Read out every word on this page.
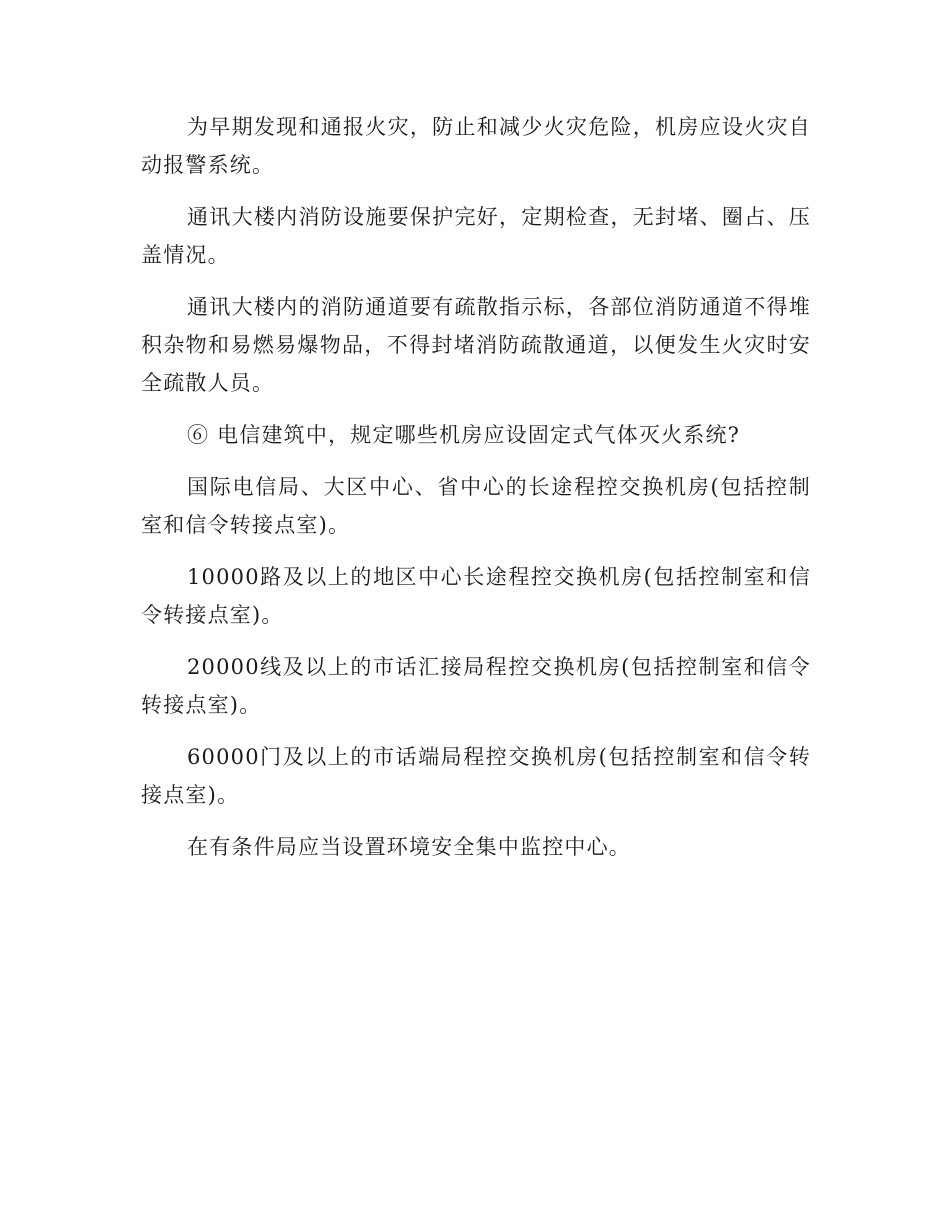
为早期发现和通报火灾，防止和减少火灾危险，机房应设火灾自动报警系统。

通讯大楼内消防设施要保护完好，定期检查，无封堵、圈占、压盖情况。

通讯大楼内的消防通道要有疏散指示标，各部位消防通道不得堆积杂物和易燃易爆物品，不得封堵消防疏散通道，以便发生火灾时安全疏散人员。

⑥ 电信建筑中，规定哪些机房应设固定式气体灭火系统?

国际电信局、大区中心、省中心的长途程控交换机房(包括控制室和信令转接点室)。

10000路及以上的地区中心长途程控交换机房(包括控制室和信令转接点室)。

20000线及以上的市话汇接局程控交换机房(包括控制室和信令转接点室)。

60000门及以上的市话端局程控交换机房(包括控制室和信令转接点室)。

在有条件局应当设置环境安全集中监控中心。
